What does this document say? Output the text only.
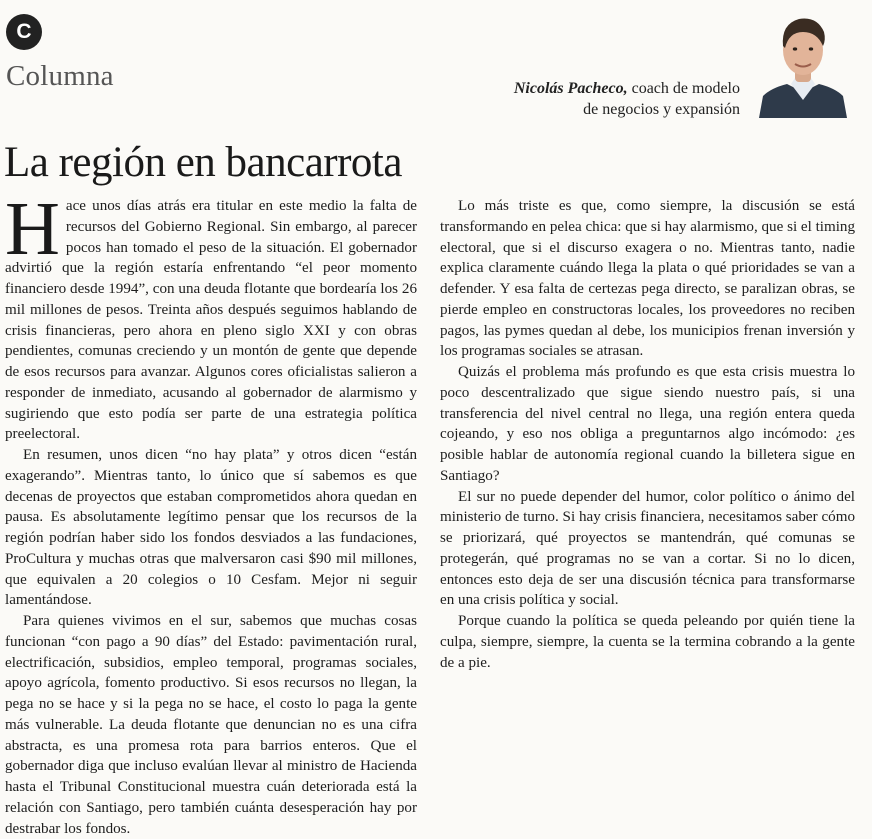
C
Columna	Nicolás Pacheco, coach de modelo
de negocios y expansión
La región en bancarrota

Hace unos días atrás era titular en este medio la falta de recursos del Gobierno Regional. Sin embargo, al parecer pocos han tomado el peso de la situación. El gobernador advirtió que la región estaría enfrentando “el peor momento financiero desde 1994”, con una deuda flotante que bordearía los 26 mil millones de pesos. Treinta años después seguimos hablando de crisis financieras, pero ahora en pleno siglo XXI y con obras pendientes, comunas creciendo y un montón de gente que depende de esos recursos para avanzar. Algunos cores oficialistas salieron a responder de inmediato, acusando al gobernador de alarmismo y sugiriendo que esto podía ser parte de una estrategia política preelectoral.

En resumen, unos dicen “no hay plata” y otros dicen “están exagerando”. Mientras tanto, lo único que sí sabemos es que decenas de proyectos que estaban comprometidos ahora quedan en pausa. Es absolutamente legítimo pensar que los recursos de la región podrían haber sido los fondos desviados a las fundaciones, ProCultura y muchas otras que malversaron casi $90 mil millones, que equivalen a 20 colegios o 10 Cesfam. Mejor ni seguir lamentándose.

Para quienes vivimos en el sur, sabemos que muchas cosas funcionan “con pago a 90 días” del Estado: pavimentación rural, electrificación, subsidios, empleo temporal, programas sociales, apoyo agrícola, fomento productivo. Si esos recursos no llegan, la pega no se hace y si la pega no se hace, el costo lo paga la gente más vulnerable. La deuda flotante que denuncian no es una cifra abstracta, es una promesa rota para barrios enteros. Que el gobernador diga que incluso evalúan llevar al ministro de Hacienda hasta el Tribunal Constitucional muestra cuán deteriorada está la relación con Santiago, pero también cuánta desesperación hay por destrabar los fondos.

Lo más triste es que, como siempre, la discusión se está transformando en pelea chica: que si hay alarmismo, que si el timing electoral, que si el discurso exagera o no. Mientras tanto, nadie explica claramente cuándo llega la plata o qué prioridades se van a defender. Y esa falta de certezas pega directo, se paralizan obras, se pierde empleo en constructoras locales, los proveedores no reciben pagos, las pymes quedan al debe, los municipios frenan inversión y los programas sociales se atrasan.

Quizás el problema más profundo es que esta crisis muestra lo poco descentralizado que sigue siendo nuestro país, si una transferencia del nivel central no llega, una región entera queda cojeando, y eso nos obliga a preguntarnos algo incómodo: ¿es posible hablar de autonomía regional cuando la billetera sigue en Santiago?

El sur no puede depender del humor, color político o ánimo del ministerio de turno. Si hay crisis financiera, necesitamos saber cómo se priorizará, qué proyectos se mantendrán, qué comunas se protegerán, qué programas no se van a cortar. Si no lo dicen, entonces esto deja de ser una discusión técnica para transformarse en una crisis política y social.

Porque cuando la política se queda peleando por quién tiene la culpa, siempre, siempre, la cuenta se la termina cobrando a la gente de a pie.
